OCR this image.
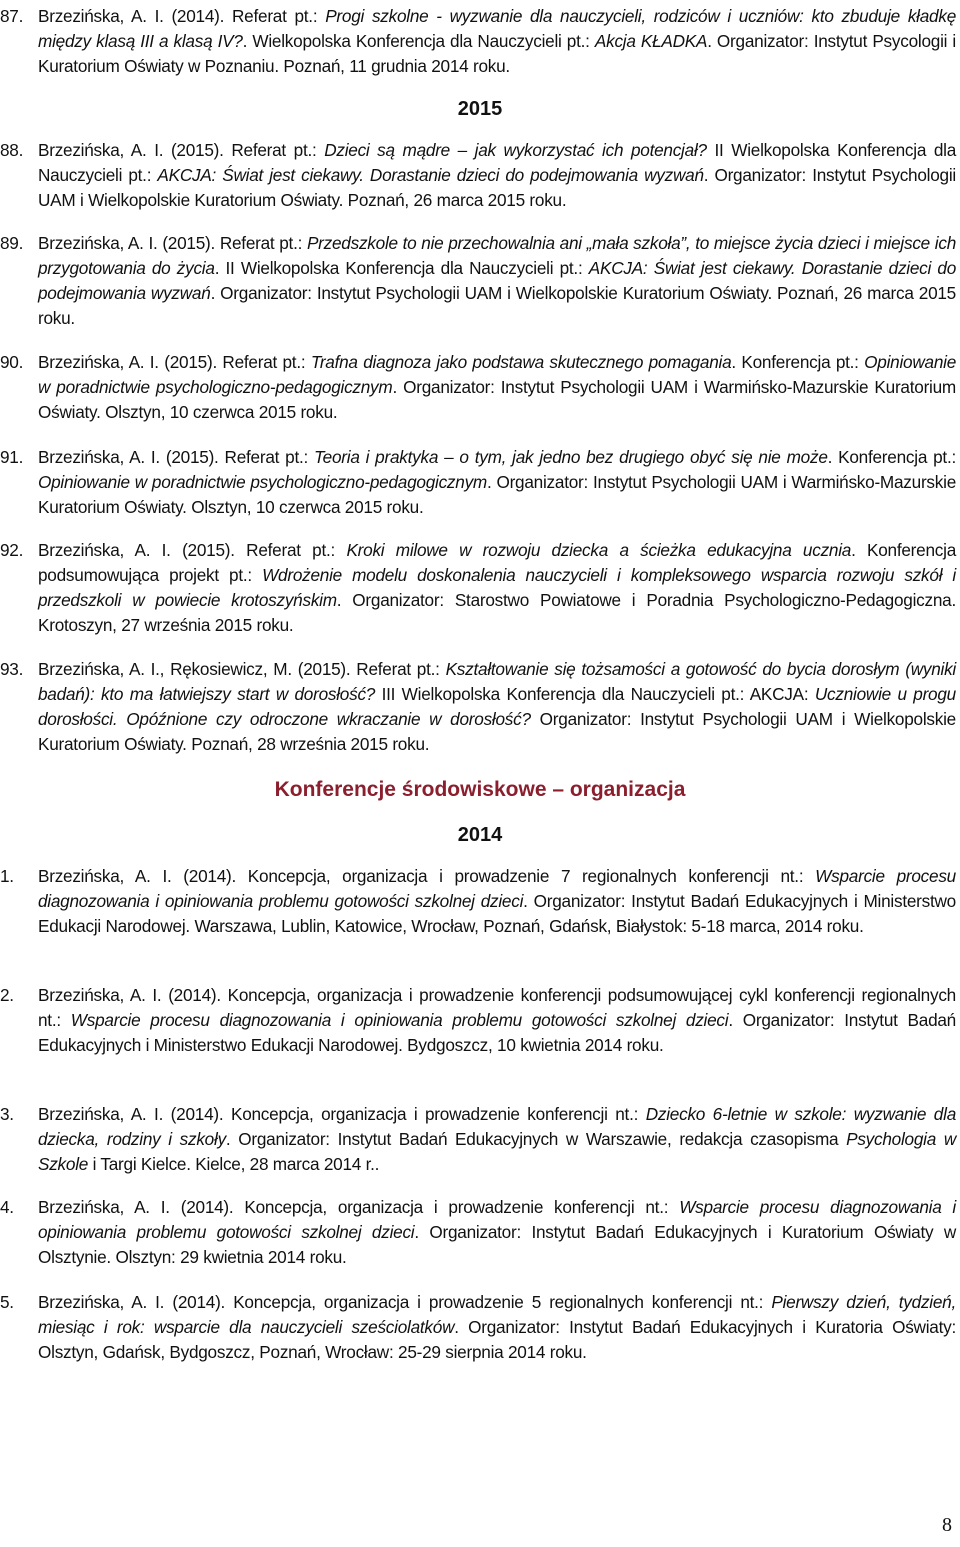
87. Brzezińska, A. I. (2014). Referat pt.: Progi szkolne - wyzwanie dla nauczycieli, rodziców i uczniów: kto zbuduje kładkę między klasą III a klasą IV?. Wielkopolska Konferencja dla Nauczycieli pt.: Akcja KŁADKA. Organizator: Instytut Psycologii i Kuratorium Oświaty w Poznaniu. Poznań, 11 grudnia 2014 roku.
2015
88. Brzezińska, A. I. (2015). Referat pt.: Dzieci są mądre – jak wykorzystać ich potencjał? II Wielkopolska Konferencja dla Nauczycieli pt.: AKCJA: Świat jest ciekawy. Dorastanie dzieci do podejmowania wyzwań. Organizator: Instytut Psychologii UAM i Wielkopolskie Kuratorium Oświaty. Poznań, 26 marca 2015 roku.
89. Brzezińska, A. I. (2015). Referat pt.: Przedszkole to nie przechowalnia ani „mała szkoła”, to miejsce życia dzieci i miejsce ich przygotowania do życia. II Wielkopolska Konferencja dla Nauczycieli pt.: AKCJA: Świat jest ciekawy. Dorastanie dzieci do podejmowania wyzwań. Organizator: Instytut Psychologii UAM i Wielkopolskie Kuratorium Oświaty. Poznań, 26 marca 2015 roku.
90. Brzezińska, A. I. (2015). Referat pt.: Trafna diagnoza jako podstawa skutecznego pomagania. Konferencja pt.: Opiniowanie w poradnictwie psychologiczno-pedagogicznym. Organizator: Instytut Psychologii UAM i Warmińsko-Mazurskie Kuratorium Oświaty. Olsztyn, 10 czerwca 2015 roku.
91. Brzezińska, A. I. (2015). Referat pt.: Teoria i praktyka – o tym, jak jedno bez drugiego obyć się nie może. Konferencja pt.: Opiniowanie w poradnictwie psychologiczno-pedagogicznym. Organizator: Instytut Psychologii UAM i Warmińsko-Mazurskie Kuratorium Oświaty. Olsztyn, 10 czerwca 2015 roku.
92. Brzezińska, A. I. (2015). Referat pt.: Kroki milowe w rozwoju dziecka a ścieżka edukacyjna ucznia. Konferencja podsumowująca projekt pt.: Wdrożenie modelu doskonalenia nauczycieli i kompleksowego wsparcia rozwoju szkół i przedszkoli w powiecie krotoszyńskim. Organizator: Starostwo Powiatowe i Poradnia Psychologiczno-Pedagogiczna. Krotoszyn, 27 września 2015 roku.
93. Brzezińska, A. I., Rękosiewicz, M. (2015). Referat pt.: Kształtowanie się tożsamości a gotowość do bycia dorosłym (wyniki badań): kto ma łatwiejszy start w dorosłość? III Wielkopolska Konferencja dla Nauczycieli pt.: AKCJA: Uczniowie u progu dorosłości. Opóźnione czy odroczone wkraczanie w dorosłość? Organizator: Instytut Psychologii UAM i Wielkopolskie Kuratorium Oświaty. Poznań, 28 września 2015 roku.
Konferencje środowiskowe – organizacja
2014
1.	Brzezińska, A. I. (2014). Koncepcja, organizacja i prowadzenie 7 regionalnych konferencji nt.: Wsparcie procesu diagnozowania i opiniowania problemu gotowości szkolnej dzieci. Organizator: Instytut Badań Edukacyjnych i Ministerstwo Edukacji Narodowej. Warszawa, Lublin, Katowice, Wrocław, Poznań, Gdańsk, Białystok: 5-18 marca, 2014 roku.
2.	Brzezińska, A. I. (2014). Koncepcja, organizacja i prowadzenie konferencji podsumowującej cykl konferencji regionalnych nt.: Wsparcie procesu diagnozowania i opiniowania problemu gotowości szkolnej dzieci. Organizator: Instytut Badań Edukacyjnych i Ministerstwo Edukacji Narodowej. Bydgoszcz, 10 kwietnia 2014 roku.
3.	Brzezińska, A. I. (2014). Koncepcja, organizacja i prowadzenie konferencji nt.: Dziecko 6-letnie w szkole: wyzwanie dla dziecka, rodziny i szkoły. Organizator: Instytut Badań Edukacyjnych w Warszawie, redakcja czasopisma Psychologia w Szkole i Targi Kielce. Kielce, 28 marca 2014 r..
4.	Brzezińska, A. I. (2014). Koncepcja, organizacja i prowadzenie konferencji nt.: Wsparcie procesu diagnozowania i opiniowania problemu gotowości szkolnej dzieci. Organizator: Instytut Badań Edukacyjnych i Kuratorium Oświaty w Olsztynie. Olsztyn: 29 kwietnia 2014 roku.
5.	Brzezińska, A. I. (2014). Koncepcja, organizacja i prowadzenie 5 regionalnych konferencji nt.: Pierwszy dzień, tydzień, miesiąc i rok: wsparcie dla nauczycieli sześciolatków. Organizator: Instytut Badań Edukacyjnych i Kuratoria Oświaty: Olsztyn, Gdańsk, Bydgoszcz, Poznań, Wrocław: 25-29 sierpnia 2014 roku.
8
